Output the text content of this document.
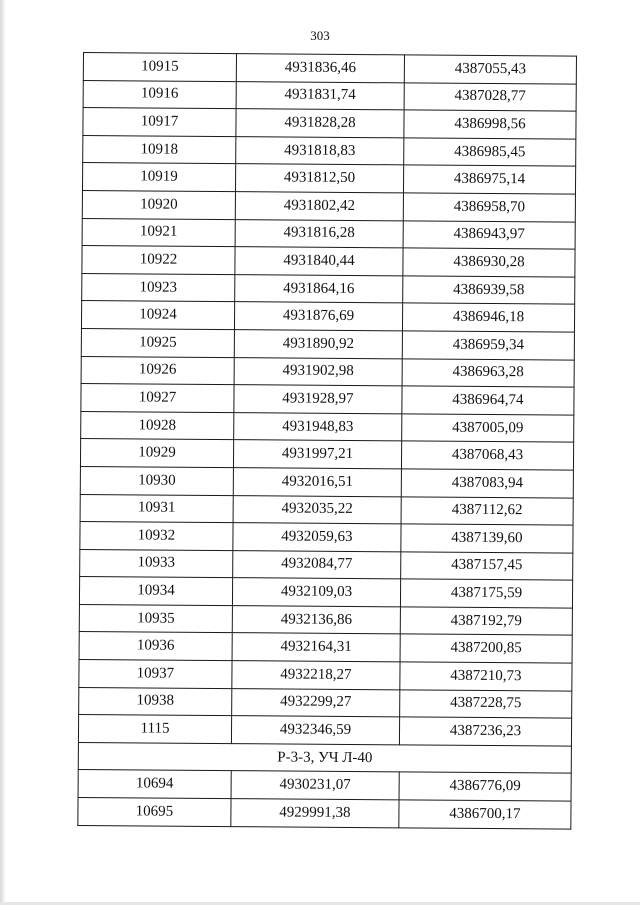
303
10915	4931836,46	4387055,43
10916	4931831,74	4387028,77
10917	4931828,28	4386998,56
10918	4931818,83	4386985,45
10919	4931812,50	4386975,14
10920	4931802,42	4386958,70
10921	4931816,28	4386943,97
10922	4931840,44	4386930,28
10923	4931864,16	4386939,58
10924	4931876,69	4386946,18
10925	4931890,92	4386959,34
10926	4931902,98	4386963,28
10927	4931928,97	4386964,74
10928	4931948,83	4387005,09
10929	4931997,21	4387068,43
10930	4932016,51	4387083,94
10931	4932035,22	4387112,62
10932	4932059,63	4387139,60
10933	4932084,77	4387157,45
10934	4932109,03	4387175,59
10935	4932136,86	4387192,79
10936	4932164,31	4387200,85
10937	4932218,27	4387210,73
10938	4932299,27	4387228,75
1115	4932346,59	4387236,23
Р-3-3, УЧ Л-40		
10694	4930231,07	4386776,09
10695	4929991,38	4386700,17
